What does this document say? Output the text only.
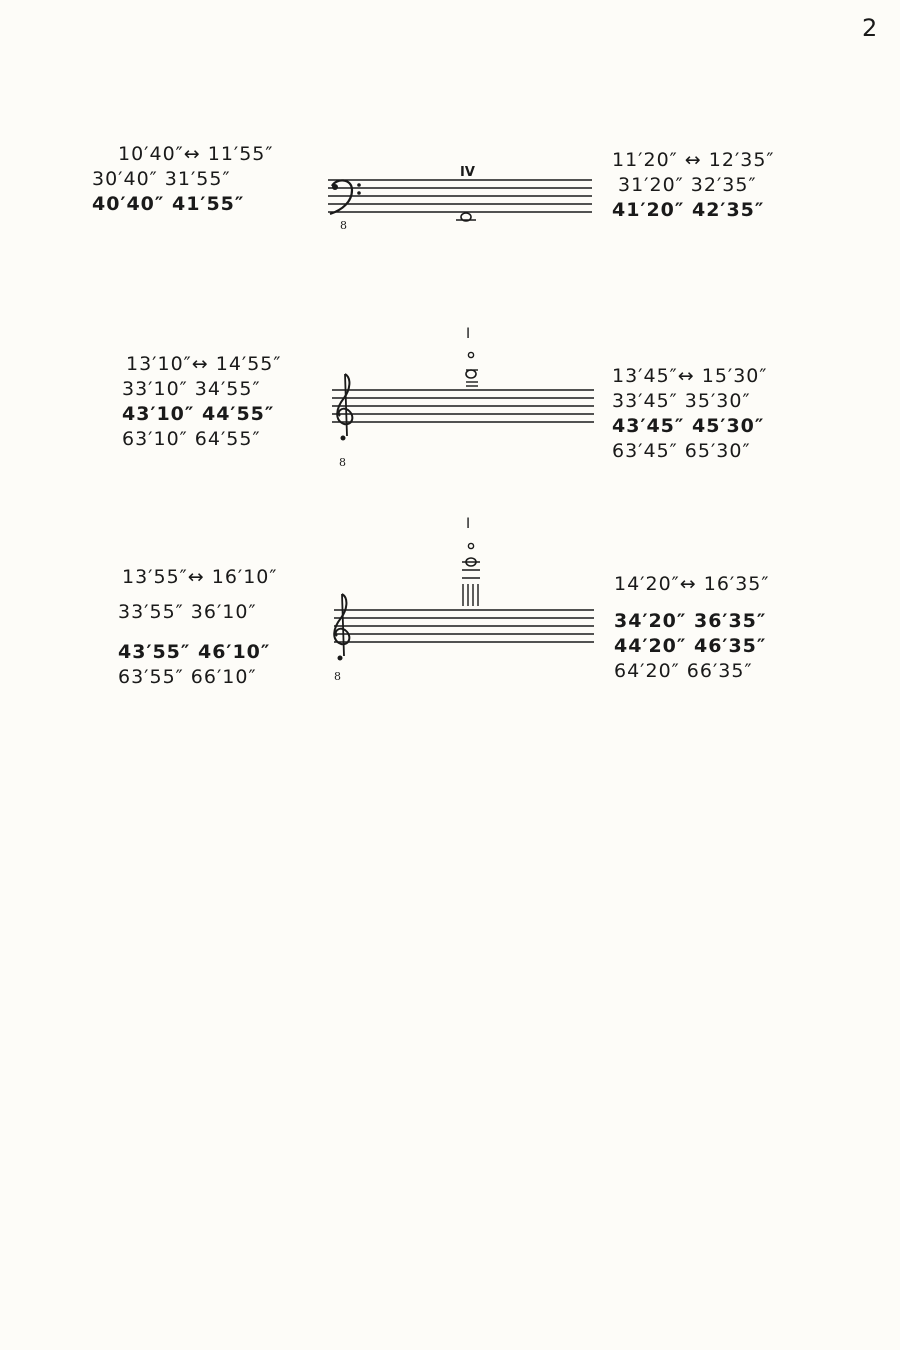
2
10′40″↔ 11′55″
30′40″ 31′55″
40′40″ 41′55″
8
IV
11′20″ ↔ 12′35″
31′20″ 32′35″
41′20″ 42′35″
13′10″↔ 14′55″
33′10″ 34′55″
43′10″ 44′55″
63′10″ 64′55″
8
I
13′45″↔ 15′30″
33′45″ 35′30″
43′45″ 45′30″
63′45″ 65′30″
13′55″↔ 16′10″
33′55″ 36′10″
43′55″ 46′10″
63′55″ 66′10″	8
I
14′20″↔ 16′35″
34′20″ 36′35″
44′20″ 46′35″
64′20″ 66′35″
